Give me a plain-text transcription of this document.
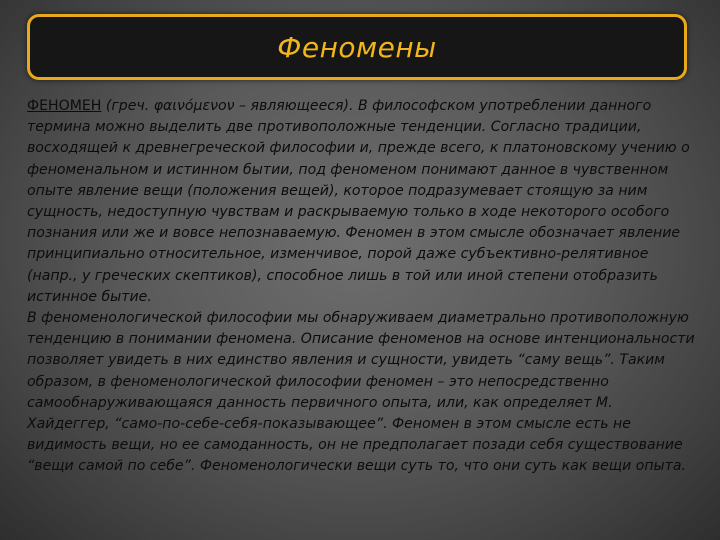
Феномены

ФЕНОМЕН (греч. φαινόμενον – являющееся). В философском употреблении данного термина можно выделить две противоположные тенденции. Согласно традиции, восходящей к древнегреческой философии и, прежде всего, к платоновскому учению о феноменальном и истинном бытии, под феноменом понимают данное в чувственном опыте явление вещи (положения вещей), которое подразумевает стоящую за ним сущность, недоступную чувствам и раскрываемую только в ходе некоторого особого познания или же и вовсе непознаваемую. Феномен в этом смысле обозначает явление принципиально относительное, изменчивое, порой даже субъективно-релятивное (напр., у греческих скептиков), способное лишь в той или иной степени отобразить истинное бытие.

В феноменологической философии мы обнаруживаем диаметрально противоположную тенденцию в понимании феномена. Описание феноменов на основе интенциональности позволяет увидеть в них единство явления и сущности, увидеть “саму вещь”. Таким образом, в феноменологической философии феномен – это непосредственно самообнаруживающаяся данность первичного опыта, или, как определяет М. Хайдеггер, “само-по-себе-себя-показывающее”. Феномен в этом смысле есть не видимость вещи, но ее самоданность, он не предполагает позади себя существование “вещи самой по себе”. Феноменологически вещи суть то, что они суть как вещи опыта.
